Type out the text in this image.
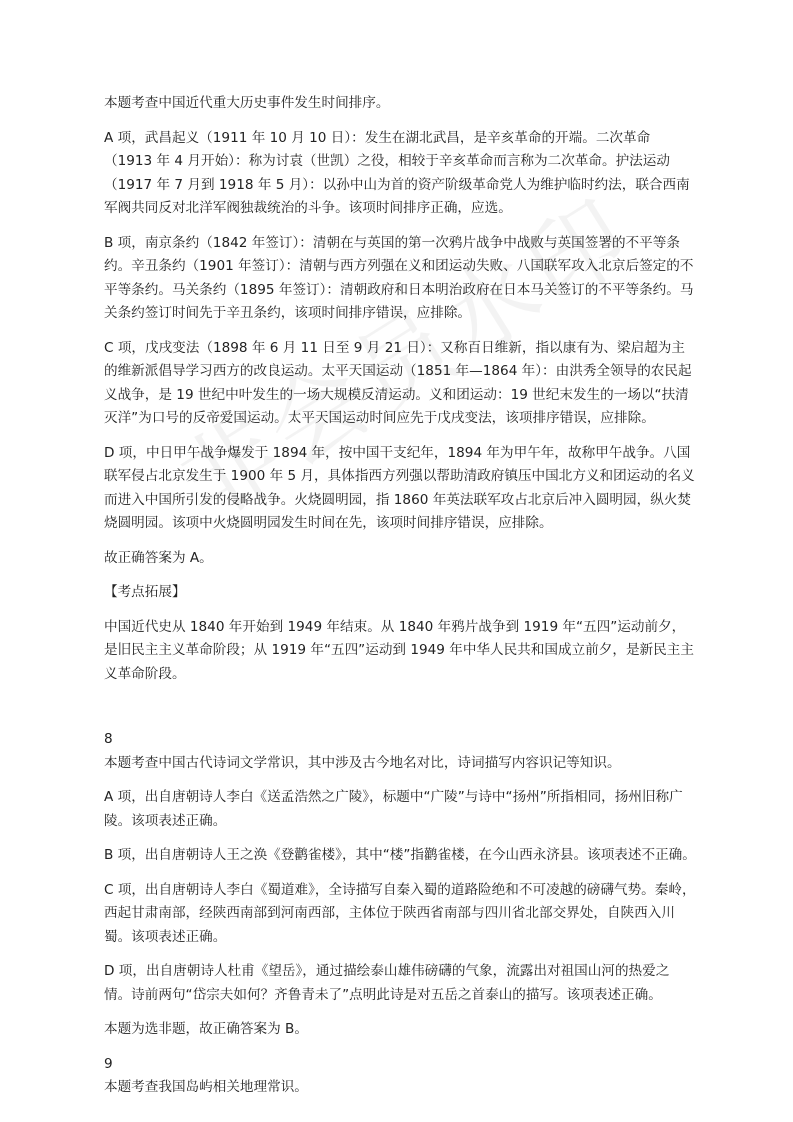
本题考查中国近代重大历史事件发生时间排序。

A 项，武昌起义（1911 年 10 月 10 日）：发生在湖北武昌，是辛亥革命的开端。二次革命（1913 年 4 月开始）：称为讨袁（世凯）之役，相较于辛亥革命而言称为二次革命。护法运动（1917 年 7 月到 1918 年 5 月）：以孙中山为首的资产阶级革命党人为维护临时约法，联合西南军阀共同反对北洋军阀独裁统治的斗争。该项时间排序正确，应选。

B 项，南京条约（1842 年签订）：清朝在与英国的第一次鸦片战争中战败与英国签署的不平等条约。辛丑条约（1901 年签订）：清朝与西方列强在义和团运动失败、八国联军攻入北京后签定的不平等条约。马关条约（1895 年签订）：清朝政府和日本明治政府在日本马关签订的不平等条约。马关条约签订时间先于辛丑条约，该项时间排序错误，应排除。

C 项，戊戌变法（1898 年 6 月 11 日至 9 月 21 日）：又称百日维新，指以康有为、梁启超为主的维新派倡导学习西方的改良运动。太平天国运动（1851 年—1864 年）：由洪秀全领导的农民起义战争，是 19 世纪中叶发生的一场大规模反清运动。义和团运动：19 世纪末发生的一场以“扶清灭洋”为口号的反帝爱国运动。太平天国运动时间应先于戊戌变法，该项排序错误，应排除。

D 项，中日甲午战争爆发于 1894 年，按中国干支纪年，1894 年为甲午年，故称甲午战争。八国联军侵占北京发生于 1900 年 5 月，具体指西方列强以帮助清政府镇压中国北方义和团运动的名义而进入中国所引发的侵略战争。火烧圆明园，指 1860 年英法联军攻占北京后冲入圆明园，纵火焚烧圆明园。该项中火烧圆明园发生时间在先，该项时间排序错误，应排除。

故正确答案为 A。

【考点拓展】

中国近代史从 1840 年开始到 1949 年结束。从 1840 年鸦片战争到 1919 年“五四”运动前夕，是旧民主主义革命阶段；从 1919 年“五四”运动到 1949 年中华人民共和国成立前夕，是新民主主义革命阶段。

8

本题考查中国古代诗词文学常识，其中涉及古今地名对比，诗词描写内容识记等知识。

A 项，出自唐朝诗人李白《送孟浩然之广陵》，标题中“广陵”与诗中“扬州”所指相同，扬州旧称广陵。该项表述正确。

B 项，出自唐朝诗人王之涣《登鹳雀楼》，其中“楼”指鹳雀楼，在今山西永济县。该项表述不正确。

C 项，出自唐朝诗人李白《蜀道难》，全诗描写自秦入蜀的道路险绝和不可凌越的磅礴气势。秦岭，西起甘肃南部，经陕西南部到河南西部，主体位于陕西省南部与四川省北部交界处，自陕西入川蜀。该项表述正确。

D 项，出自唐朝诗人杜甫《望岳》，通过描绘泰山雄伟磅礴的气象，流露出对祖国山河的热爱之情。诗前两句“岱宗夫如何？齐鲁青未了”点明此诗是对五岳之首泰山的描写。该项表述正确。

本题为选非题，故正确答案为 B。

9

本题考查我国岛屿相关地理常识。
